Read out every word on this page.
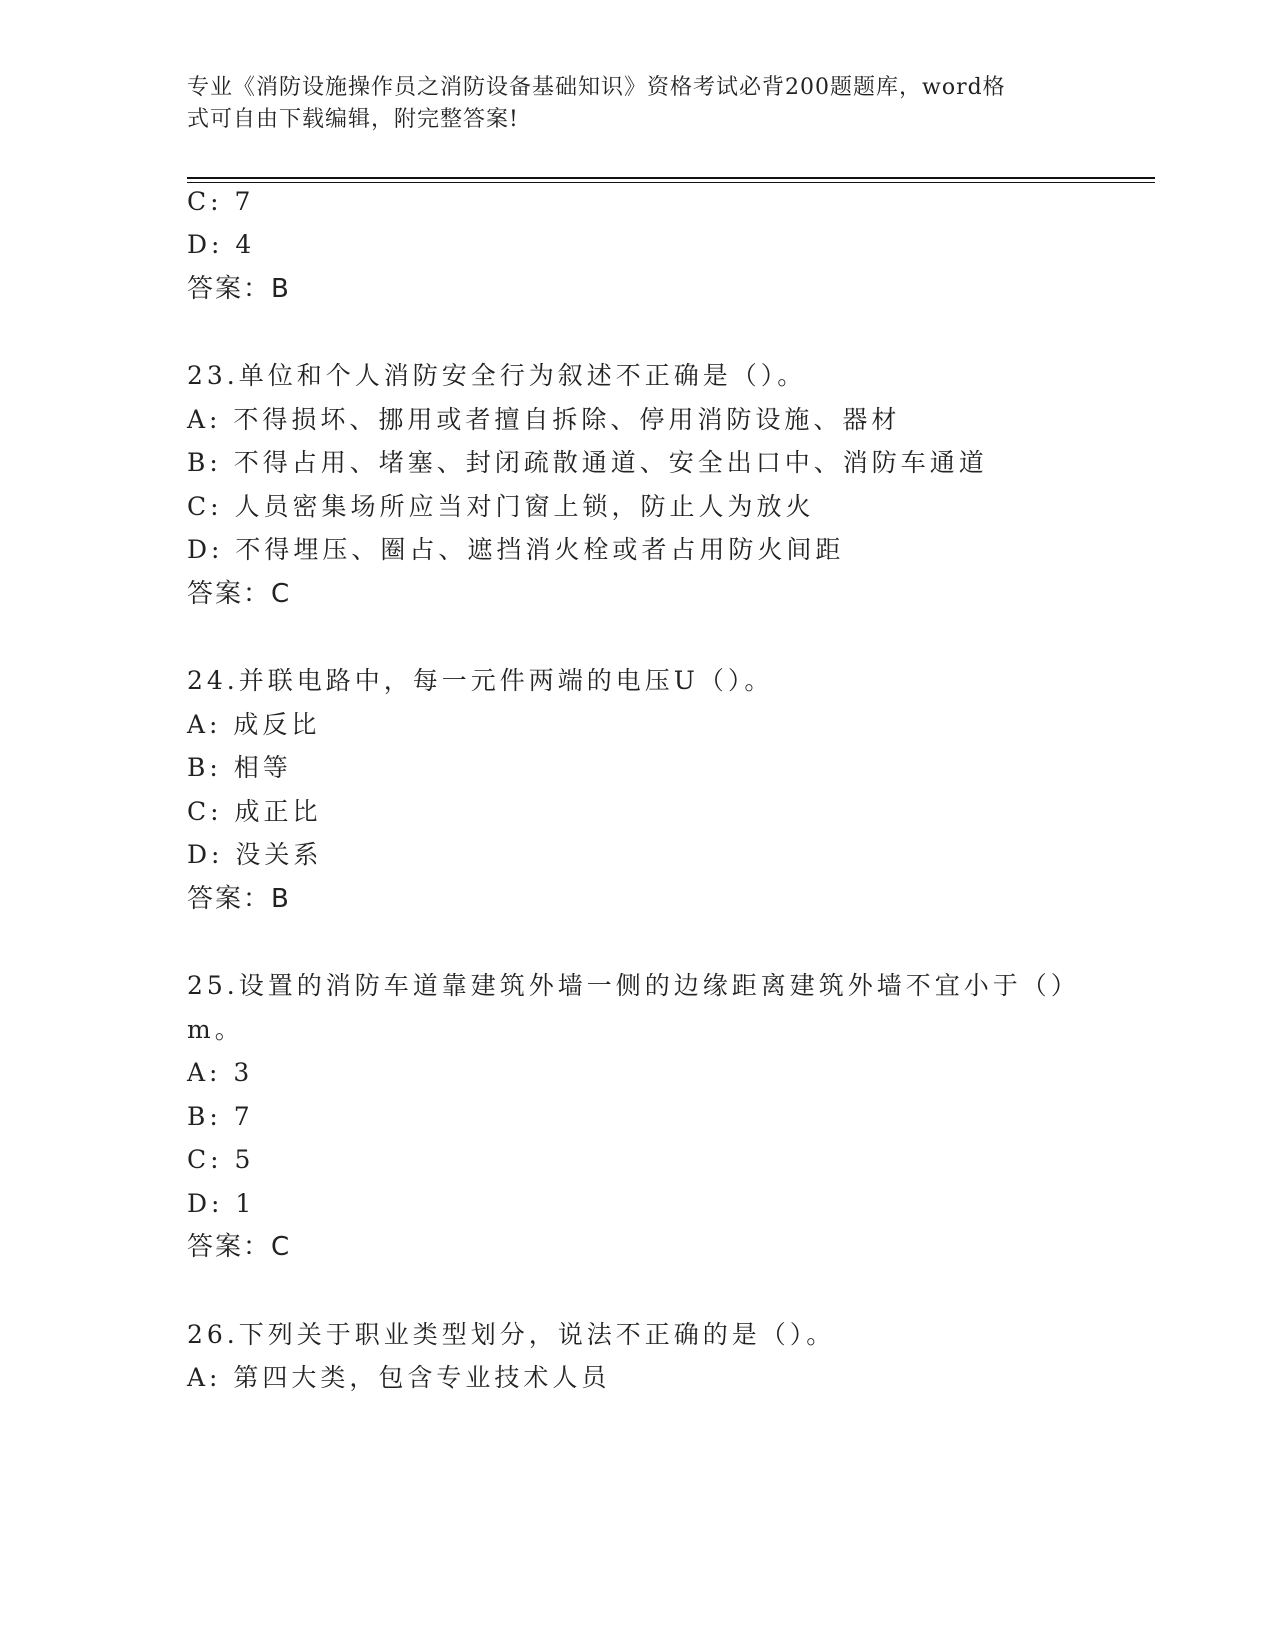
专业《消防设施操作员之消防设备基础知识》资格考试必背200题题库，word格
式可自由下载编辑，附完整答案!
C: 7
D: 4
答案：B
23.单位和个人消防安全行为叙述不正确是（）。
A: 不得损坏、挪用或者擅自拆除、停用消防设施、器材
B: 不得占用、堵塞、封闭疏散通道、安全出口中、消防车通道
C: 人员密集场所应当对门窗上锁，防止人为放火
D: 不得埋压、圈占、遮挡消火栓或者占用防火间距
答案：C
24.并联电路中，每一元件两端的电压U（）。
A: 成反比
B: 相等
C: 成正比
D: 没关系
答案：B
25.设置的消防车道靠建筑外墙一侧的边缘距离建筑外墙不宜小于（）
m。
A: 3
B: 7
C: 5
D: 1
答案：C
26.下列关于职业类型划分，说法不正确的是（）。
A: 第四大类，包含专业技术人员
